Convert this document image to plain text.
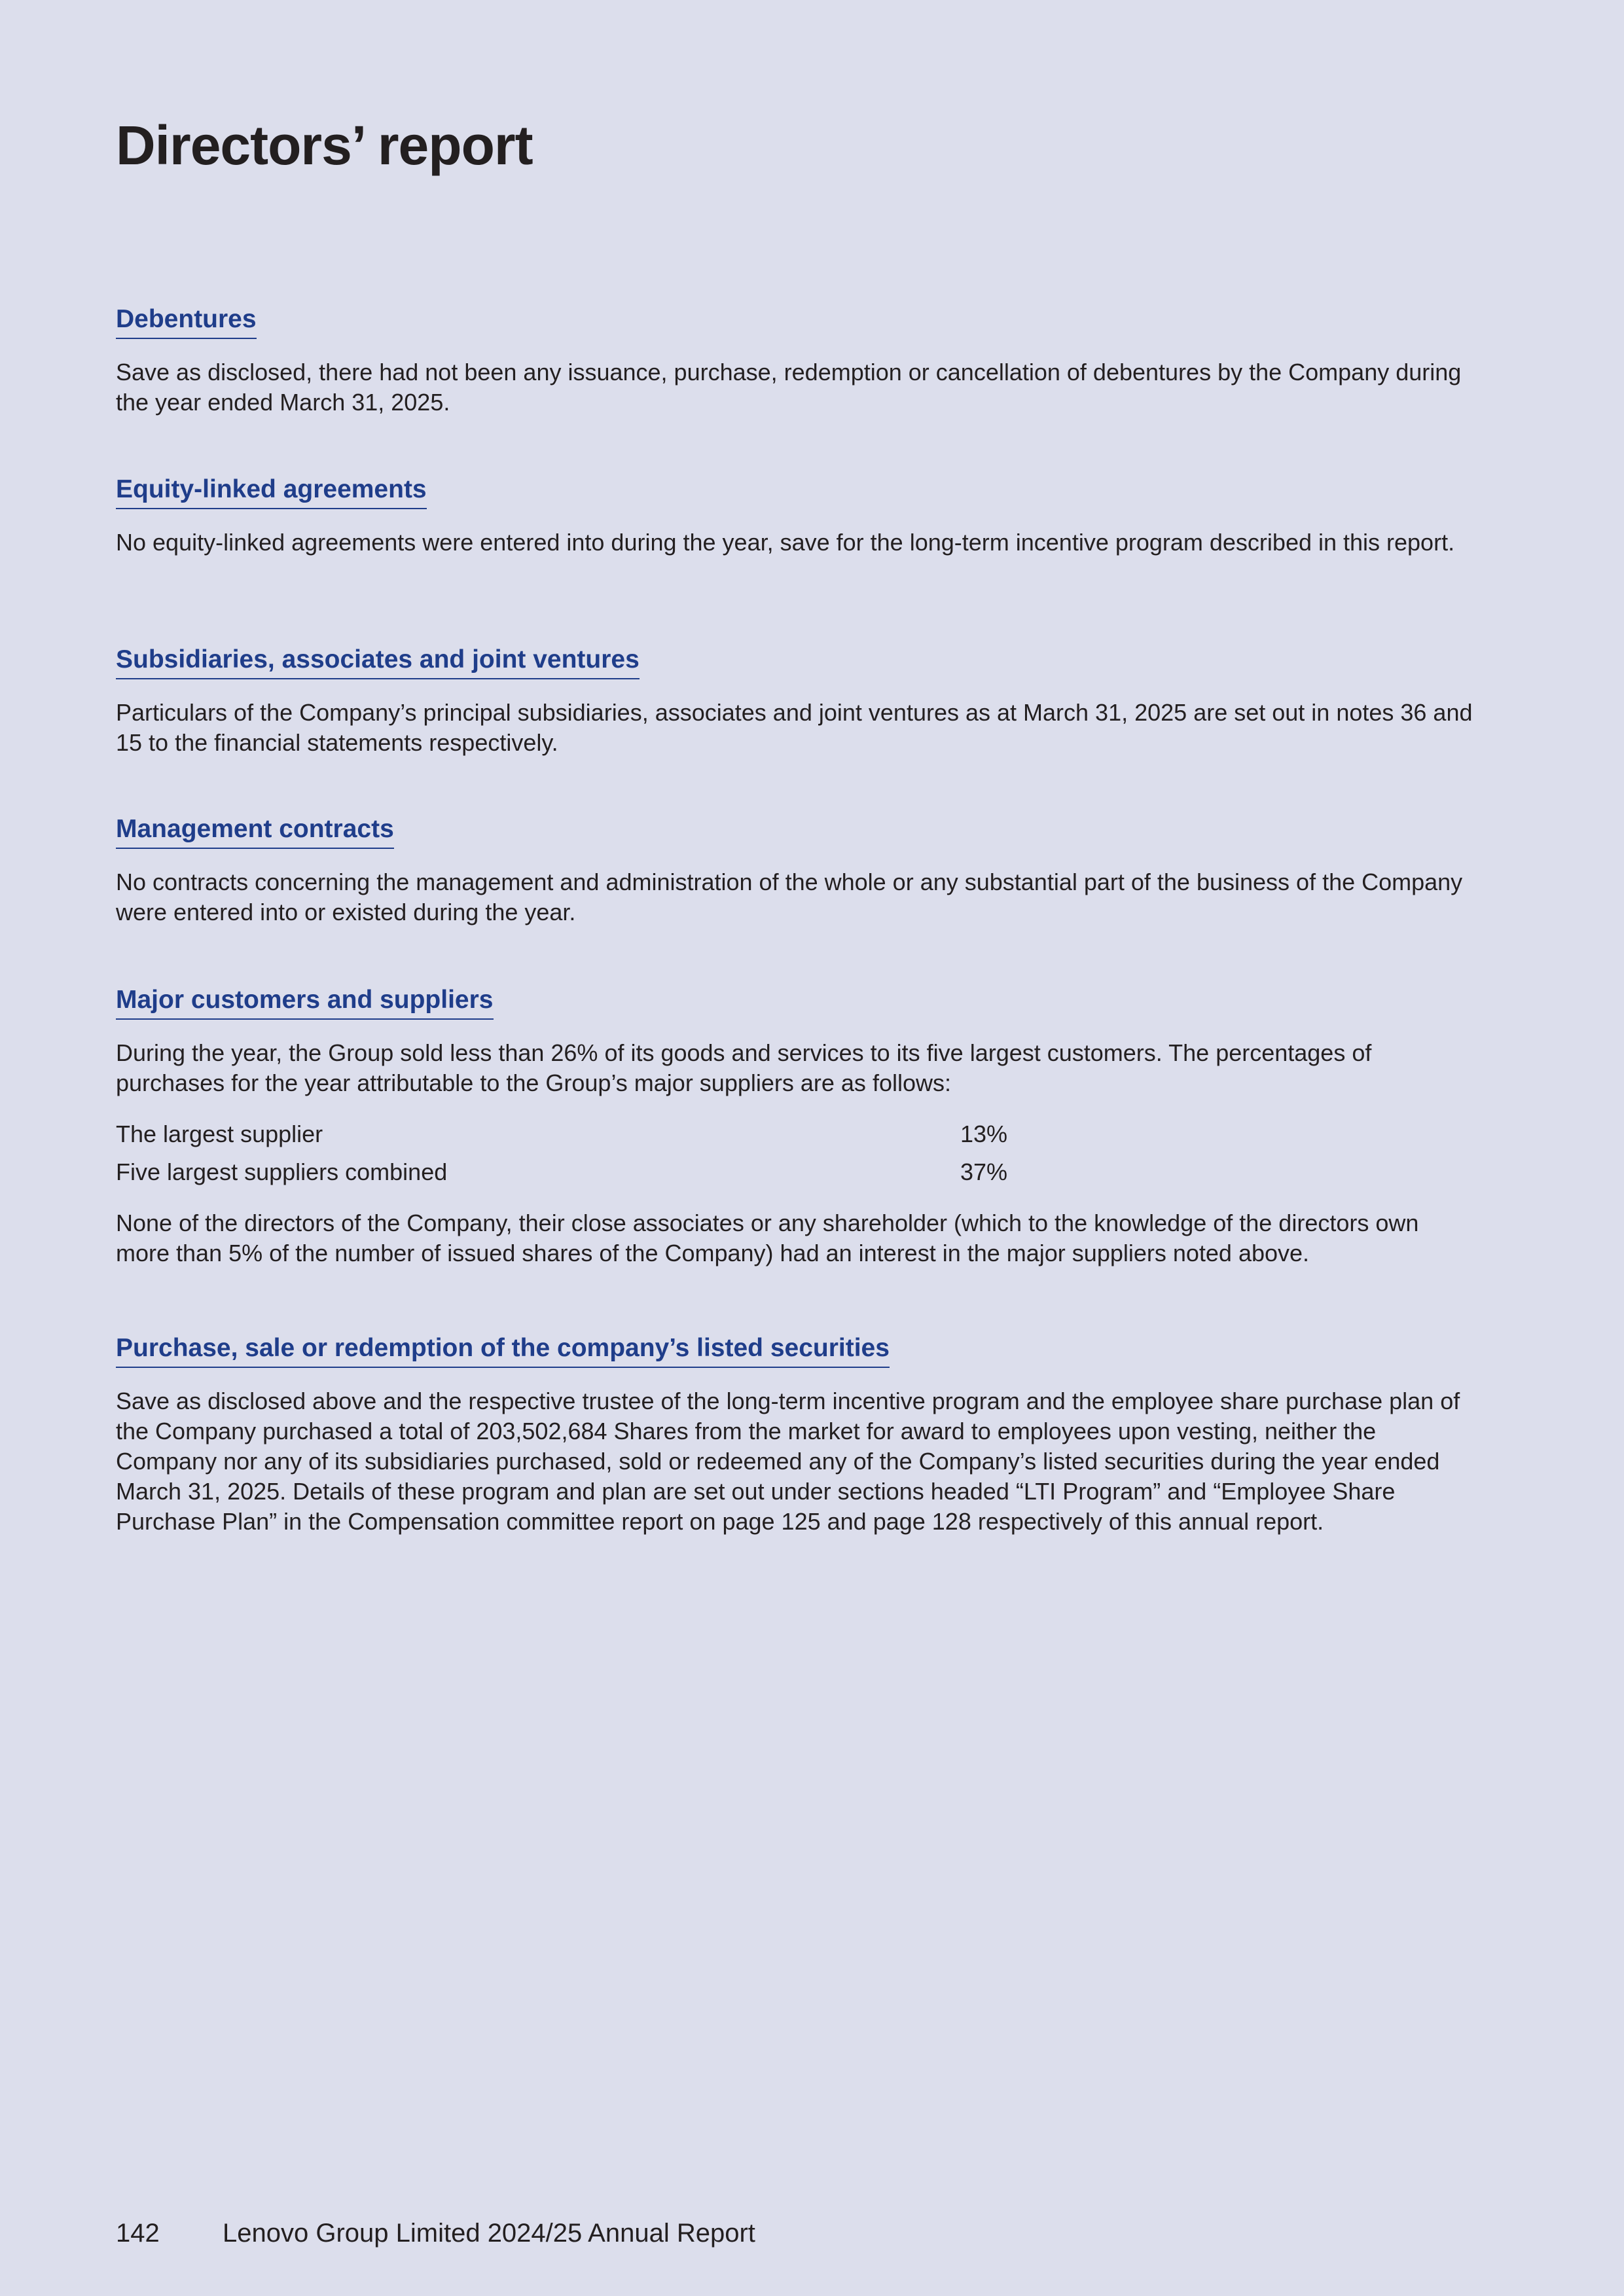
Directors’ report
Debentures

Save as disclosed, there had not been any issuance, purchase, redemption or cancellation of debentures by the Company during the year ended March 31, 2025.

Equity-linked agreements

No equity-linked agreements were entered into during the year, save for the long-term incentive program described in this report.

Subsidiaries, associates and joint ventures

Particulars of the Company’s principal subsidiaries, associates and joint ventures as at March 31, 2025 are set out in notes 36 and 15 to the financial statements respectively.

Management contracts

No contracts concerning the management and administration of the whole or any substantial part of the business of the Company were entered into or existed during the year.

Major customers and suppliers

During the year, the Group sold less than 26% of its goods and services to its five largest customers. The percentages of purchases for the year attributable to the Group’s major suppliers are as follows:

The largest supplier	13%
Five largest suppliers combined	37%

None of the directors of the Company, their close associates or any shareholder (which to the knowledge of the directors own more than 5% of the number of issued shares of the Company) had an interest in the major suppliers noted above.

Purchase, sale or redemption of the company’s listed securities

Save as disclosed above and the respective trustee of the long-term incentive program and the employee share purchase plan of the Company purchased a total of 203,502,684 Shares from the market for award to employees upon vesting, neither the Company nor any of its subsidiaries purchased, sold or redeemed any of the Company’s listed securities during the year ended March 31, 2025. Details of these program and plan are set out under sections headed “LTI Program” and “Employee Share Purchase Plan” in the Compensation committee report on page 125 and page 128 respectively of this annual report.

142 Lenovo Group Limited 2024/25 Annual Report
